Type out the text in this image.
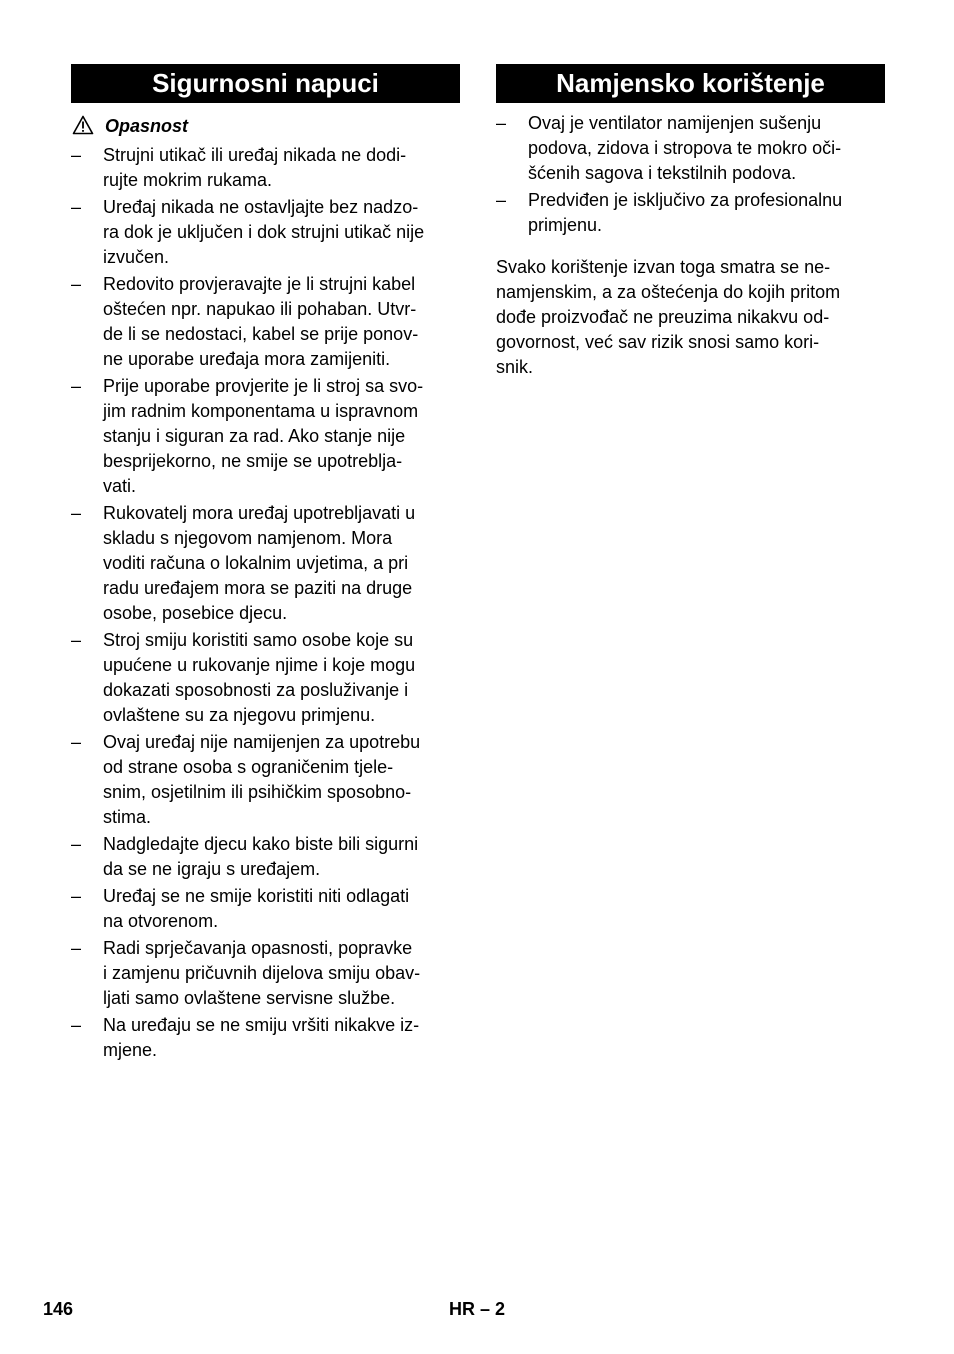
Sigurnosni napuci
Opasnost
– Strujni utikač ili uređaj nikada ne dodi-
rujte mokrim rukama.
– Uređaj nikada ne ostavljajte bez nadzo-
ra dok je uključen i dok strujni utikač nije
izvučen.
– Redovito provjeravajte je li strujni kabel
oštećen npr. napukao ili pohaban. Utvr-
de li se nedostaci, kabel se prije ponov-
ne uporabe uređaja mora zamijeniti.
– Prije uporabe provjerite je li stroj sa svo-
jim radnim komponentama u ispravnom
stanju i siguran za rad. Ako stanje nije
besprijekorno, ne smije se upotreblja-
vati.
– Rukovatelj mora uređaj upotrebljavati u
skladu s njegovom namjenom. Mora
voditi računa o lokalnim uvjetima, a pri
radu uređajem mora se paziti na druge
osobe, posebice djecu.
– Stroj smiju koristiti samo osobe koje su
upućene u rukovanje njime i koje mogu
dokazati sposobnosti za posluživanje i
ovlaštene su za njegovu primjenu.
– Ovaj uređaj nije namijenjen za upotrebu
od strane osoba s ograničenim tjele-
snim, osjetilnim ili psihičkim sposobno-
stima.
– Nadgledajte djecu kako biste bili sigurni
da se ne igraju s uređajem.
– Uređaj se ne smije koristiti niti odlagati
na otvorenom.
– Radi sprječavanja opasnosti, popravke
i zamjenu pričuvnih dijelova smiju obav-
ljati samo ovlaštene servisne službe.
– Na uređaju se ne smiju vršiti nikakve iz-
mjene.
Namjensko korištenje
– Ovaj je ventilator namijenjen sušenju
podova, zidova i stropova te mokro oči-
šćenih sagova i tekstilnih podova.
– Predviđen je isključivo za profesionalnu
primjenu.

Svako korištenje izvan toga smatra se ne-
namjenskim, a za oštećenja do kojih pritom
dođe proizvođač ne preuzima nikakvu od-
govornost, već sav rizik snosi samo kori-
snik.

146	HR – 2
